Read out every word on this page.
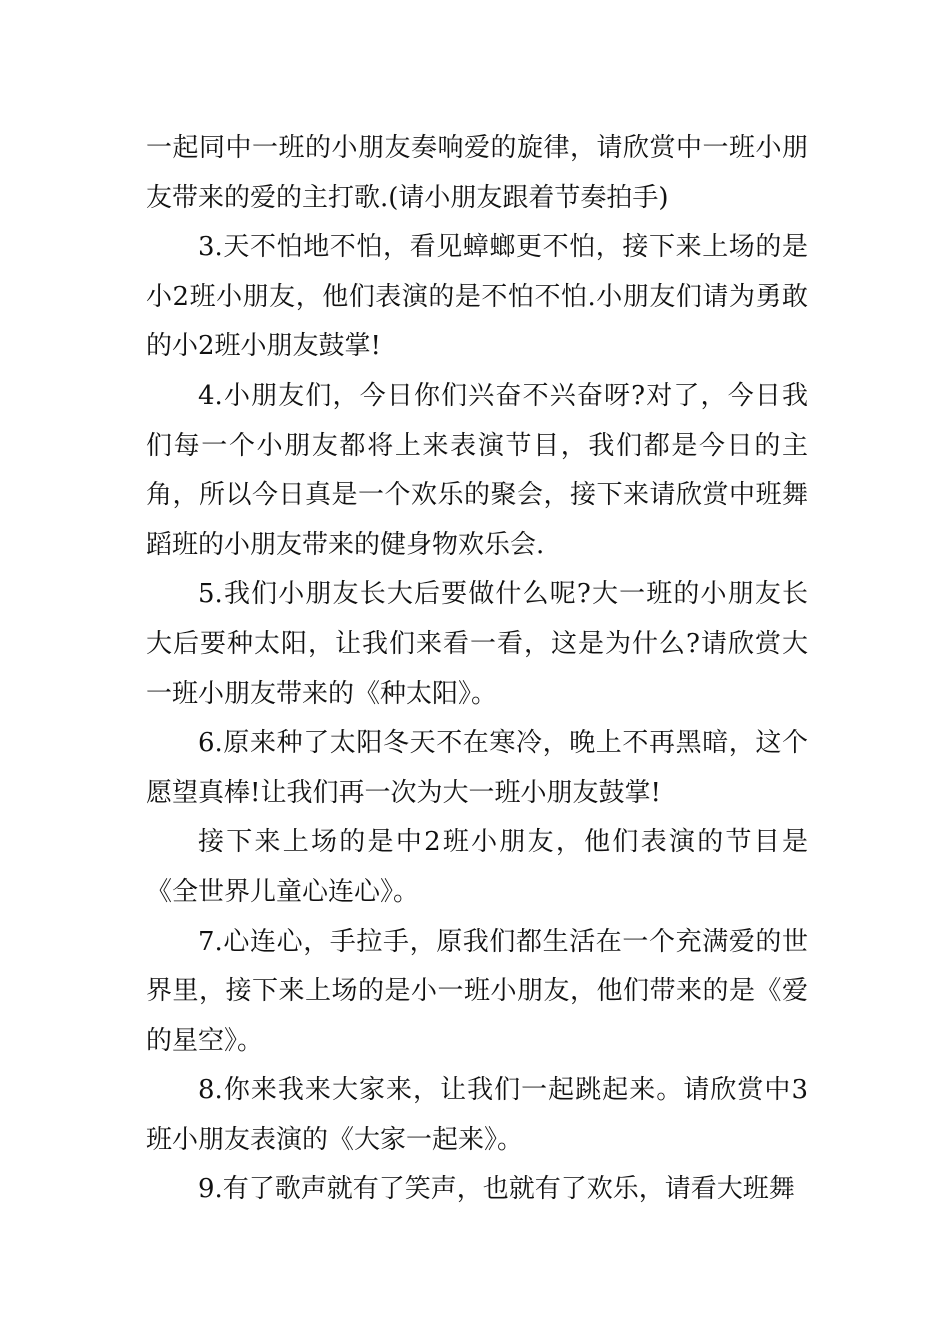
一起同中一班的小朋友奏响爱的旋律，请欣赏中一班小朋友带来的爱的主打歌.(请小朋友跟着节奏拍手)

3.天不怕地不怕，看见蟑螂更不怕，接下来上场的是小2班小朋友，他们表演的是不怕不怕.小朋友们请为勇敢的小2班小朋友鼓掌!

4.小朋友们，今日你们兴奋不兴奋呀?对了，今日我们每一个小朋友都将上来表演节目，我们都是今日的主角，所以今日真是一个欢乐的聚会，接下来请欣赏中班舞蹈班的小朋友带来的健身物欢乐会.

5.我们小朋友长大后要做什么呢?大一班的小朋友长大后要种太阳，让我们来看一看，这是为什么?请欣赏大一班小朋友带来的《种太阳》。

6.原来种了太阳冬天不在寒冷，晚上不再黑暗，这个愿望真棒!让我们再一次为大一班小朋友鼓掌!

接下来上场的是中2班小朋友，他们表演的节目是《全世界儿童心连心》。

7.心连心，手拉手，原我们都生活在一个充满爱的世界里，接下来上场的是小一班小朋友，他们带来的是《爱的星空》。

8.你来我来大家来，让我们一起跳起来。请欣赏中3班小朋友表演的《大家一起来》。

9.有了歌声就有了笑声，也就有了欢乐，请看大班舞
